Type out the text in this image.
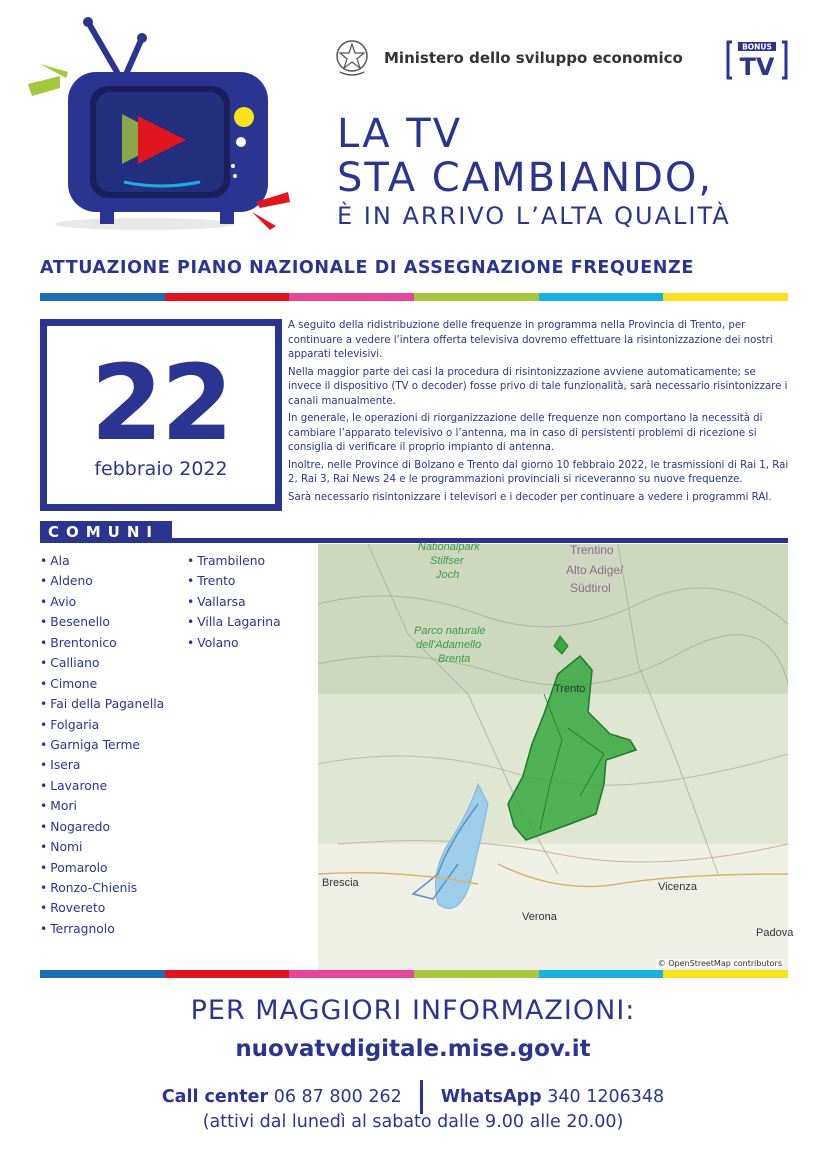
Ministero dello sviluppo economico
BONUS
TV
LA TV
STA CAMBIANDO,
È IN ARRIVO L’ALTA QUALITÀ
ATTUAZIONE PIANO NAZIONALE DI ASSEGNAZIONE FREQUENZE
22
febbraio 2022

A seguito della ridistribuzione delle frequenze in programma nella Provincia di Trento, per continuare a vedere l’intera offerta televisiva dovremo effettuare la risintonizzazione dei nostri apparati televisivi.

Nella maggior parte dei casi la procedura di risintonizzazione avviene automaticamente; se invece il dispositivo (TV o decoder) fosse privo di tale funzionalità, sarà necessario risintonizzare i canali manualmente.

In generale, le operazioni di riorganizzazione delle frequenze non comportano la necessità di cambiare l’apparato televisivo o l’antenna, ma in caso di persistenti problemi di ricezione si consiglia di verificare il proprio impianto di antenna.

Inoltre, nelle Province di Bolzano e Trento dal giorno 10 febbraio 2022, le trasmissioni di Rai 1, Rai 2, Rai 3, Rai News 24 e le programmazioni provinciali si riceveranno su nuove frequenze.

Sarà necessario risintonizzare i televisori e i decoder per continuare a vedere i programmi RAI.

COMUNI
• Ala
• Aldeno
• Avio
• Besenello
• Brentonico
• Calliano
• Cimone
• Fai della Paganella
• Folgaria
• Garniga Terme
• Isera
• Lavarone
• Mori
• Nogaredo
• Nomi
• Pomarolo
• Ronzo-Chienis
• Rovereto
• Terragnolo
• Trambileno
• Trento
• Vallarsa
• Villa Lagarina
• Volano
Nationalpark
Stilfser
Joch
Parco naturale
dell'Adamello
Brenta
Trentino
Alto Adige/
Südtirol
Trento
Brescia
Verona
Vicenza
Padova
© OpenStreetMap contributors
PER MAGGIORI INFORMAZIONI:
nuovatvdigitale.mise.gov.it
Call center 06 87 800 262 WhatsApp 340 1206348
(attivi dal lunedì al sabato dalle 9.00 alle 20.00)
